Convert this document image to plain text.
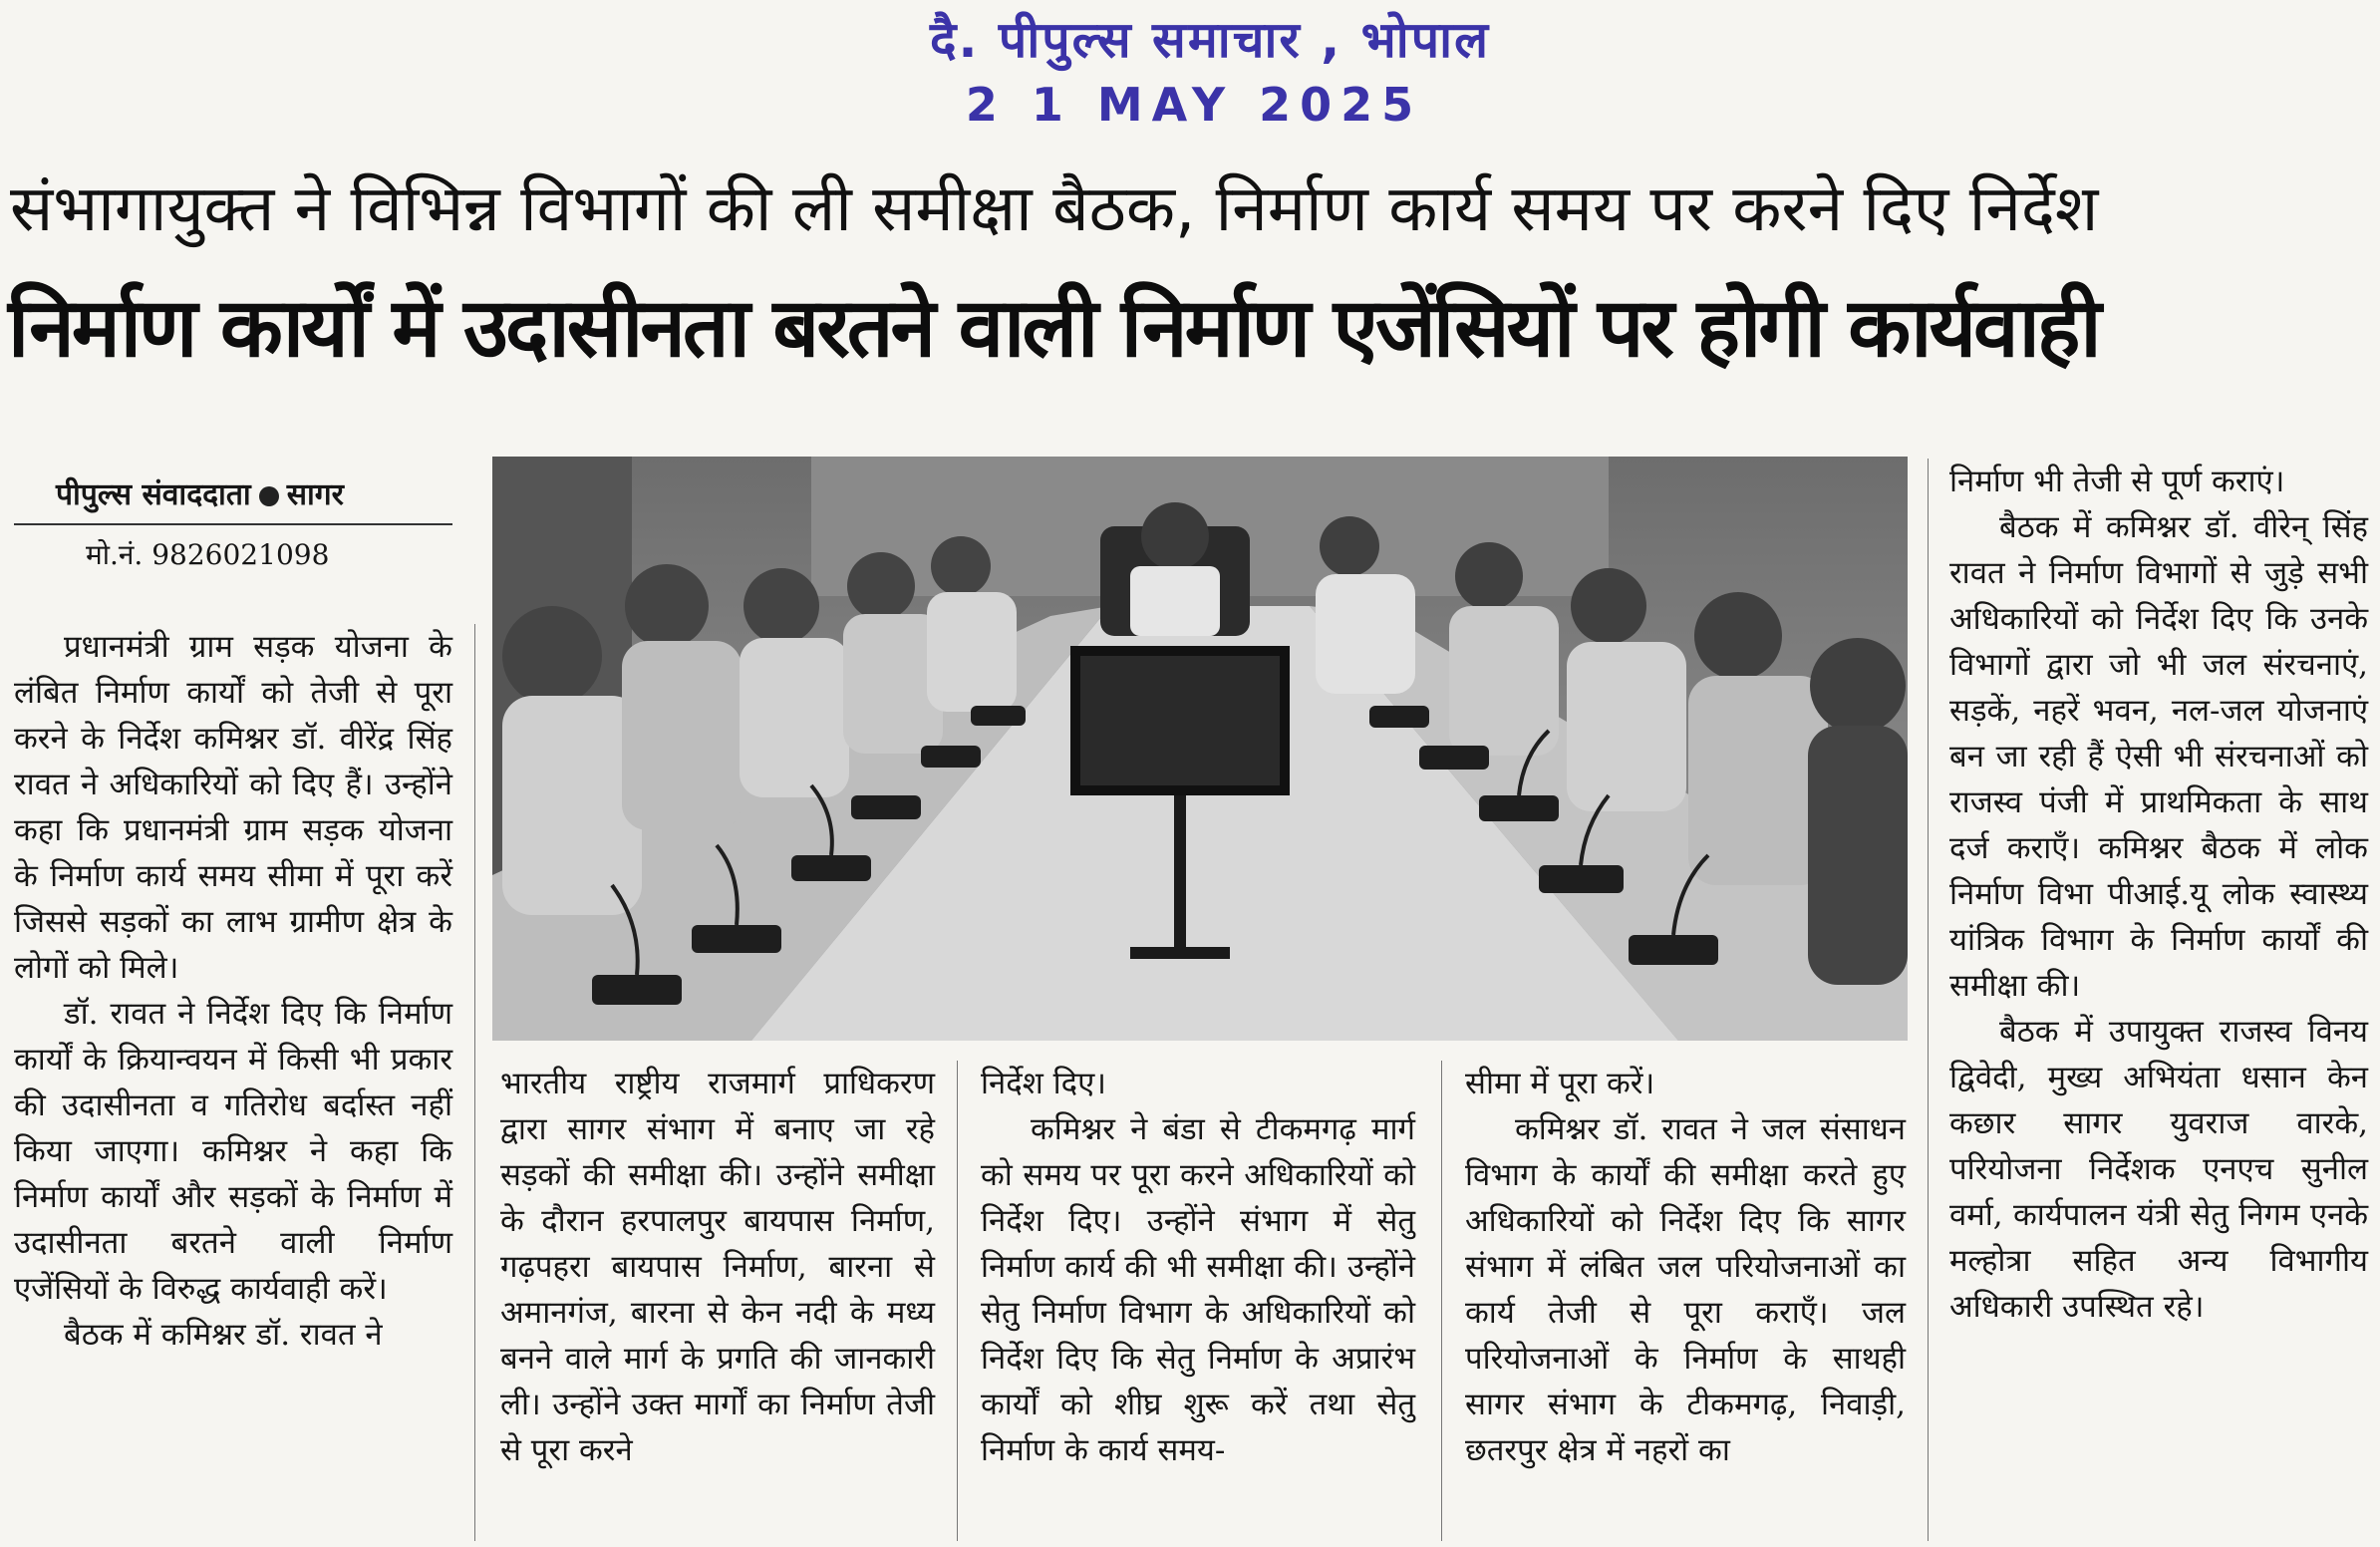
दै. पीपुल्स समाचार , भोपाल
2 1 MAY 2025
संभागायुक्त ने विभिन्न विभागों की ली समीक्षा बैठक, निर्माण कार्य समय पर करने दिए निर्देश
निर्माण कार्यों में उदासीनता बरतने वाली निर्माण एजेंसियों पर होगी कार्यवाही
पीपुल्स संवाददाता सागर
मो.नं. 9826021098

प्रधानमंत्री ग्राम सड़क योजना के लंबित निर्माण कार्यों को तेजी से पूरा करने के निर्देश कमिश्नर डॉ. वीरेंद्र सिंह रावत ने अधिकारियों को दिए हैं। उन्होंने कहा कि प्रधानमंत्री ग्राम सड़क योजना के निर्माण कार्य समय सीमा में पूरा करें जिससे सड़कों का लाभ ग्रामीण क्षेत्र के लोगों को मिले।

डॉ. रावत ने निर्देश दिए कि निर्माण कार्यों के क्रियान्वयन में किसी भी प्रकार की उदासीनता व गतिरोध बर्दास्त नहीं किया जाएगा। कमिश्नर ने कहा कि निर्माण कार्यों और सड़कों के निर्माण में उदासीनता बरतने वाली निर्माण एजेंसियों के विरुद्ध कार्यवाही करें।

बैठक में कमिश्नर डॉ. रावत ने

भारतीय राष्ट्रीय राजमार्ग प्राधिकरण द्वारा सागर संभाग में बनाए जा रहे सड़कों की समीक्षा की। उन्होंने समीक्षा के दौरान हरपालपुर बायपास निर्माण, गढ़पहरा बायपास निर्माण, बारना से अमानगंज, बारना से केन नदी के मध्य बनने वाले मार्ग के प्रगति की जानकारी ली। उन्होंने उक्त मार्गों का निर्माण तेजी से पूरा करने

निर्देश दिए।

कमिश्नर ने बंडा से टीकमगढ़ मार्ग को समय पर पूरा करने अधिकारियों को निर्देश दिए। उन्होंने संभाग में सेतु निर्माण कार्य की भी समीक्षा की। उन्होंने सेतु निर्माण विभाग के अधिकारियों को निर्देश दिए कि सेतु निर्माण के अप्रारंभ कार्यों को शीघ्र शुरू करें तथा सेतु निर्माण के कार्य समय-

सीमा में पूरा करें।

कमिश्नर डॉ. रावत ने जल संसाधन विभाग के कार्यों की समीक्षा करते हुए अधिकारियों को निर्देश दिए कि सागर संभाग में लंबित जल परियोजनाओं का कार्य तेजी से पूरा कराएँ। जल परियोजनाओं के निर्माण के साथही सागर संभाग के टीकमगढ़, निवाड़ी, छतरपुर क्षेत्र में नहरों का

निर्माण भी तेजी से पूर्ण कराएं।

बैठक में कमिश्नर डॉ. वीरेन् सिंह रावत ने निर्माण विभागों से जुड़े सभी अधिकारियों को निर्देश दिए कि उनके विभागों द्वारा जो भी जल संरचनाएं, सड़कें, नहरें भवन, नल-जल योजनाएं बन जा रही हैं ऐसी भी संरचनाओं को राजस्व पंजी में प्राथमिकता के साथ दर्ज कराएँ। कमिश्नर बैठक में लोक निर्माण विभा पीआई.यू लोक स्वास्थ्य यांत्रिक विभाग के निर्माण कार्यों की समीक्षा की।

बैठक में उपायुक्त राजस्व विनय द्विवेदी, मुख्य अभियंता धसान केन कछार सागर युवराज वारके, परियोजना निर्देशक एनएच सुनील वर्मा, कार्यपालन यंत्री सेतु निगम एनके मल्होत्रा सहित अन्य विभागीय अधिकारी उपस्थित रहे।
